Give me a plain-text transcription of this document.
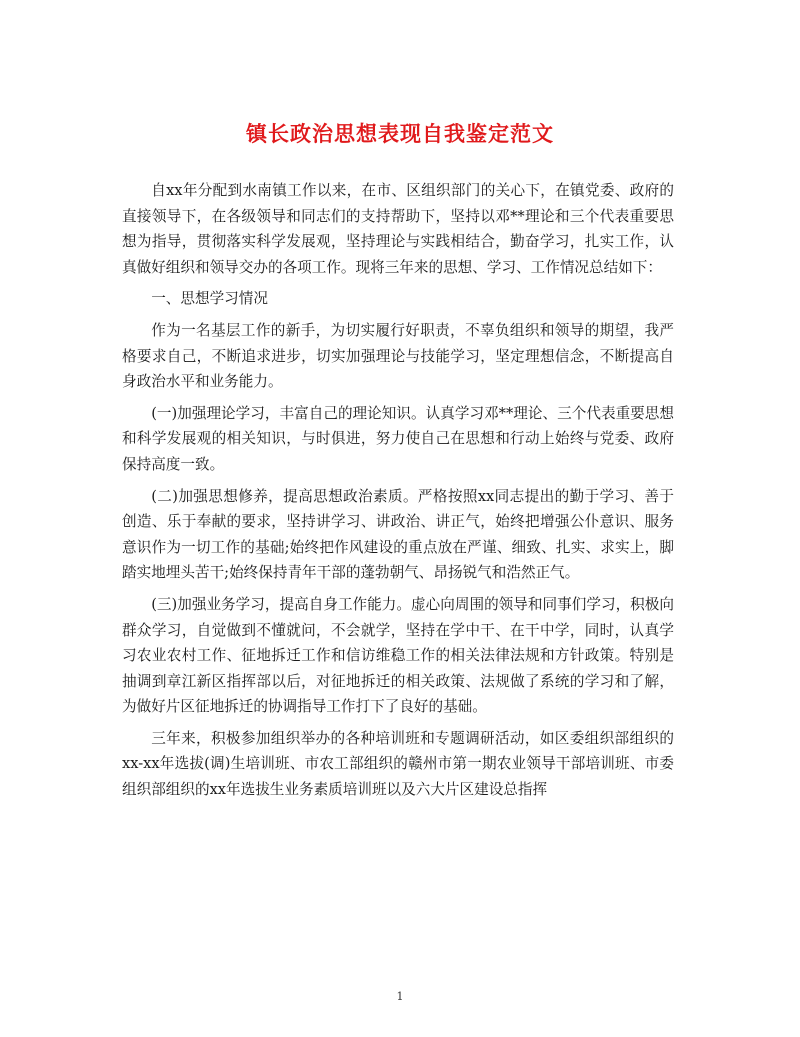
镇长政治思想表现自我鉴定范文

自xx年分配到水南镇工作以来，在市、区组织部门的关心下，在镇党委、政府的直接领导下，在各级领导和同志们的支持帮助下，坚持以邓**理论和三个代表重要思想为指导，贯彻落实科学发展观，坚持理论与实践相结合，勤奋学习，扎实工作，认真做好组织和领导交办的各项工作。现将三年来的思想、学习、工作情况总结如下：

一、思想学习情况

作为一名基层工作的新手，为切实履行好职责，不辜负组织和领导的期望，我严格要求自己，不断追求进步，切实加强理论与技能学习，坚定理想信念，不断提高自身政治水平和业务能力。

(一)加强理论学习，丰富自己的理论知识。认真学习邓**理论、三个代表重要思想和科学发展观的相关知识，与时俱进，努力使自己在思想和行动上始终与党委、政府保持高度一致。

(二)加强思想修养，提高思想政治素质。严格按照xx同志提出的勤于学习、善于创造、乐于奉献的要求，坚持讲学习、讲政治、讲正气，始终把增强公仆意识、服务意识作为一切工作的基础;始终把作风建设的重点放在严谨、细致、扎实、求实上，脚踏实地埋头苦干;始终保持青年干部的蓬勃朝气、昂扬锐气和浩然正气。

(三)加强业务学习，提高自身工作能力。虚心向周围的领导和同事们学习，积极向群众学习，自觉做到不懂就问，不会就学，坚持在学中干、在干中学，同时，认真学习农业农村工作、征地拆迁工作和信访维稳工作的相关法律法规和方针政策。特别是抽调到章江新区指挥部以后，对征地拆迁的相关政策、法规做了系统的学习和了解，为做好片区征地拆迁的协调指导工作打下了良好的基础。

三年来，积极参加组织举办的各种培训班和专题调研活动，如区委组织部组织的xx-xx年选拔(调)生培训班、市农工部组织的赣州市第一期农业领导干部培训班、市委组织部组织的xx年选拔生业务素质培训班以及六大片区建设总指挥

1
